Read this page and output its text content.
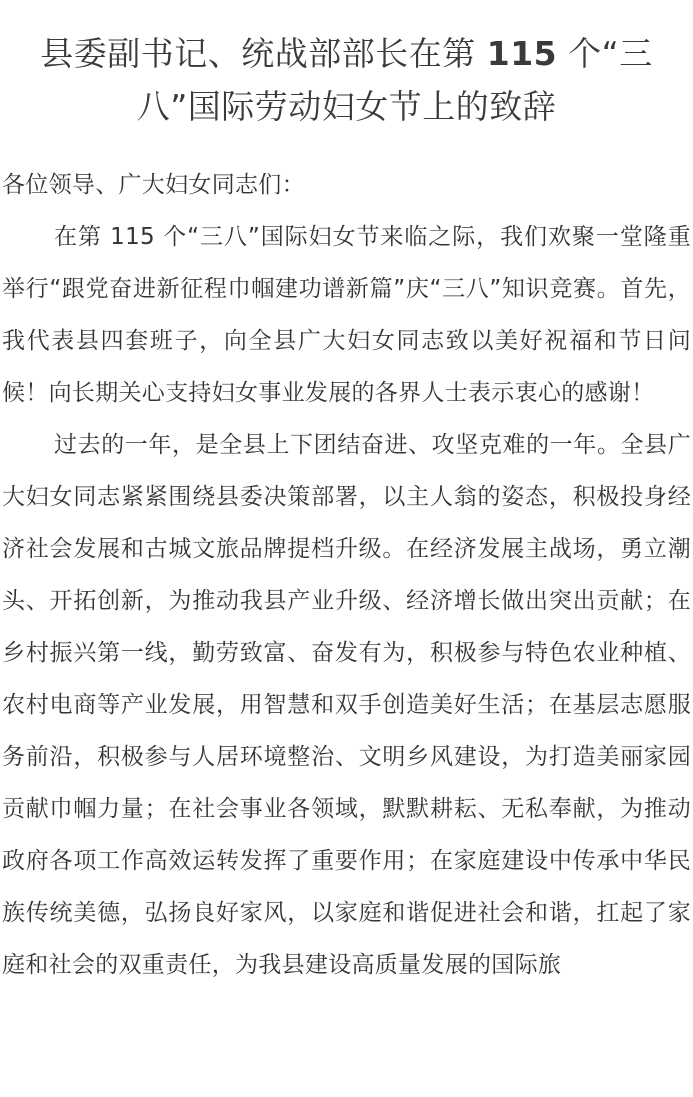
县委副书记、统战部部长在第 115 个“三八”国际劳动妇女节上的致辞

各位领导、广大妇女同志们：

在第 115 个“三八”国际妇女节来临之际，我们欢聚一堂隆重举行“跟党奋进新征程巾帼建功谱新篇”庆“三八”知识竞赛。首先，我代表县四套班子，向全县广大妇女同志致以美好祝福和节日问候！向长期关心支持妇女事业发展的各界人士表示衷心的感谢！

过去的一年，是全县上下团结奋进、攻坚克难的一年。全县广大妇女同志紧紧围绕县委决策部署，以主人翁的姿态，积极投身经济社会发展和古城文旅品牌提档升级。在经济发展主战场，勇立潮头、开拓创新，为推动我县产业升级、经济增长做出突出贡献；在乡村振兴第一线，勤劳致富、奋发有为，积极参与特色农业种植、农村电商等产业发展，用智慧和双手创造美好生活；在基层志愿服务前沿，积极参与人居环境整治、文明乡风建设，为打造美丽家园贡献巾帼力量；在社会事业各领域，默默耕耘、无私奉献，为推动政府各项工作高效运转发挥了重要作用；在家庭建设中传承中华民族传统美德，弘扬良好家风，以家庭和谐促进社会和谐，扛起了家庭和社会的双重责任，为我县建设高质量发展的国际旅
